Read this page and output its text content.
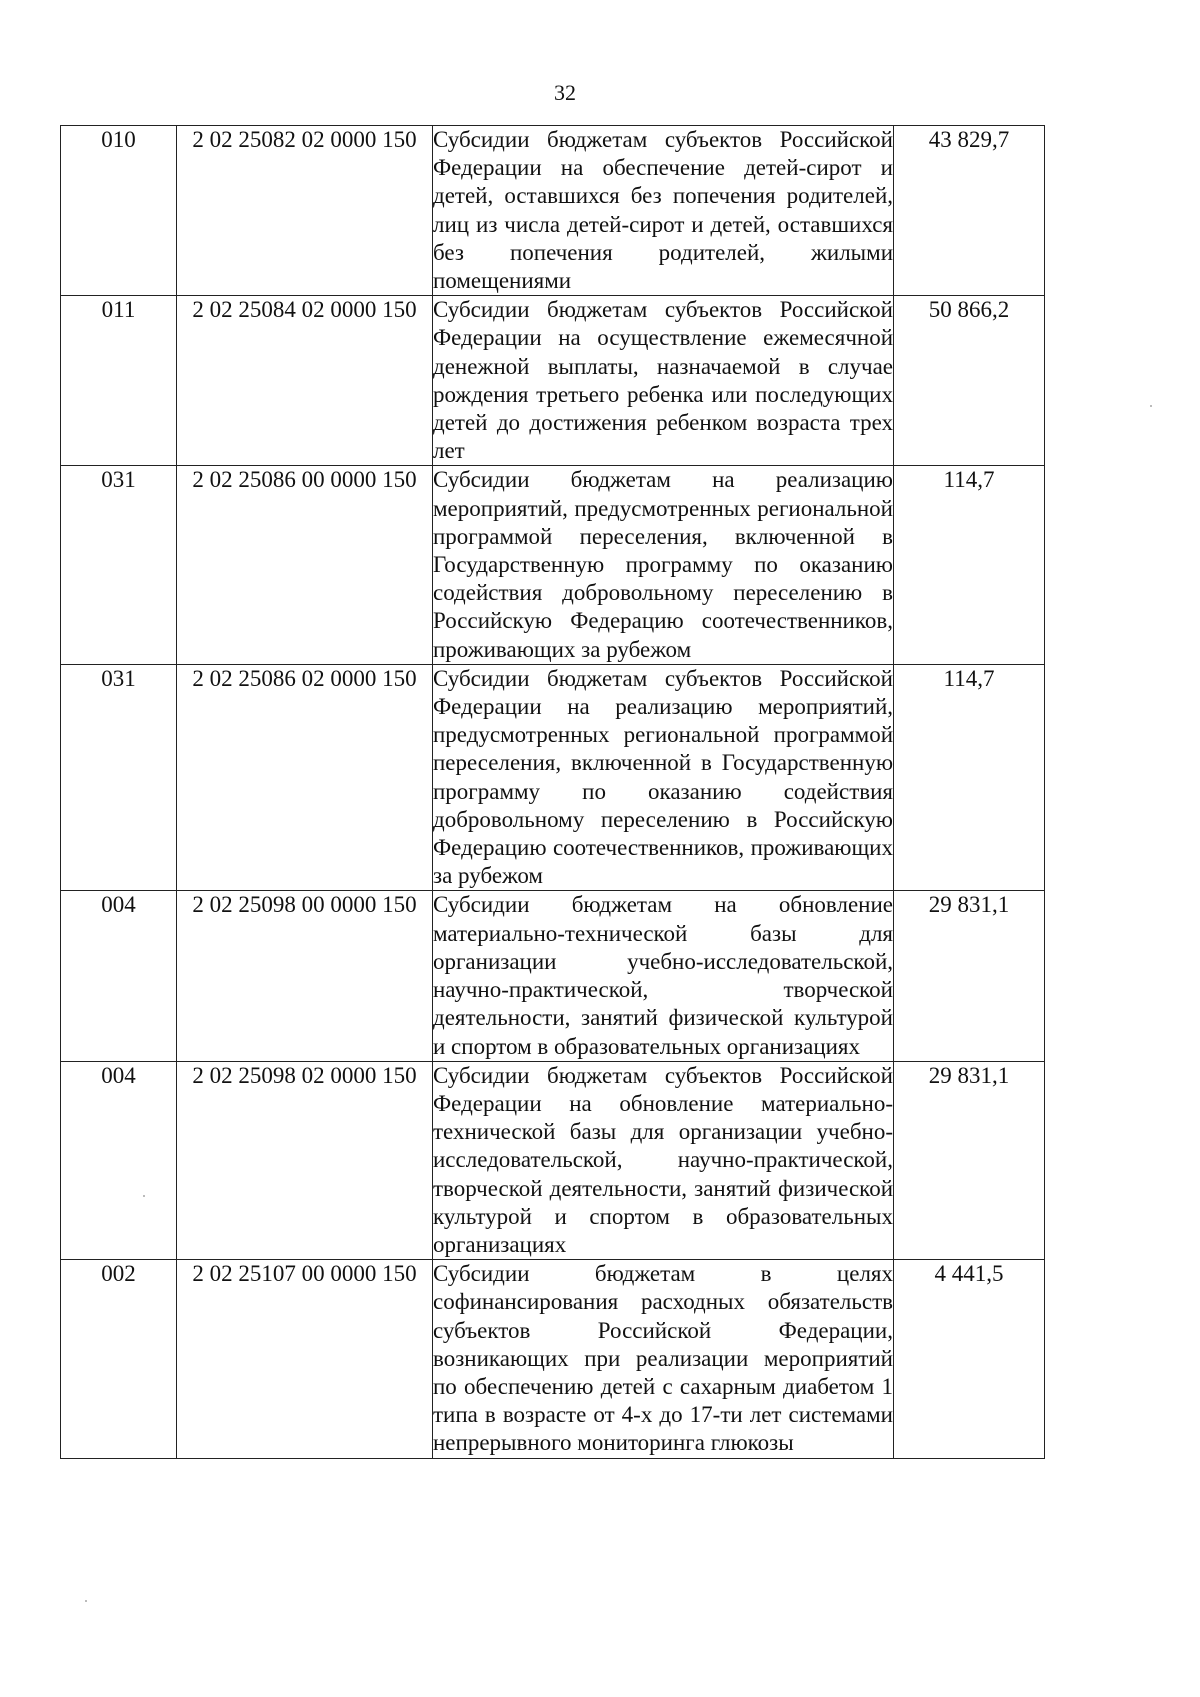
32
010	2 02 25082 02 0000 150	Субсидии бюджетам субъектов Российской Федерации на обеспечение детей-сирот и детей, оставшихся без попечения родителей, лиц из числа детей-сирот и детей, оставшихся без попечения родителей, жилыми помещениями	43 829,7
011	2 02 25084 02 0000 150	Субсидии бюджетам субъектов Российской Федерации на осуществление ежемесячной денежной выплаты, назначаемой в случае рождения третьего ребенка или последующих детей до достижения ребенком возраста трех лет	50 866,2
031	2 02 25086 00 0000 150	Субсидии бюджетам на реализацию мероприятий, предусмотренных региональной программой переселения, включенной в Государственную программу по оказанию содействия добровольному переселению в Российскую Федерацию соотечественников, проживающих за рубежом	114,7
031	2 02 25086 02 0000 150	Субсидии бюджетам субъектов Российской Федерации на реализацию мероприятий, предусмотренных региональной программой переселения, включенной в Государственную программу по оказанию содействия добровольному переселению в Российскую Федерацию соотечественников, проживающих за рубежом	114,7
004	2 02 25098 00 0000 150	Субсидии бюджетам на обновление материально-технической базы для организации учебно-исследовательской, научно-практической, творческой деятельности, занятий физической культурой и спортом в образовательных организациях	29 831,1
004	2 02 25098 02 0000 150	Субсидии бюджетам субъектов Российской Федерации на обновление материально-технической базы для организации учебно-исследовательской, научно-практической, творческой деятельности, занятий физической культурой и спортом в образовательных организациях	29 831,1
002	2 02 25107 00 0000 150	Субсидии бюджетам в целях софинансирования расходных обязательств субъектов Российской Федерации, возникающих при реализации мероприятий по обеспечению детей с сахарным диабетом 1 типа в возрасте от 4-х до 17-ти лет системами непрерывного мониторинга глюкозы	4 441,5
